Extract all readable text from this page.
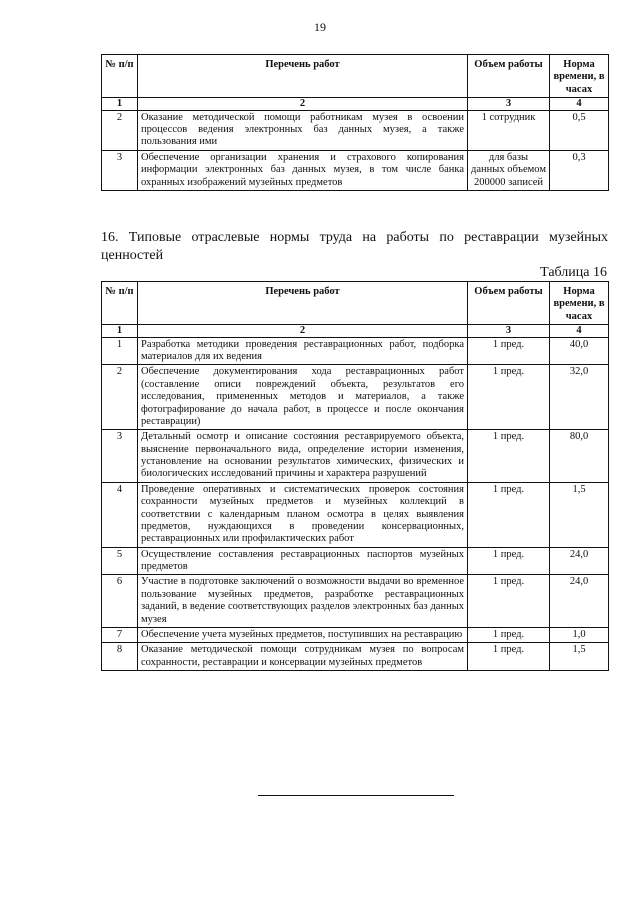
19
№ п/п	Перечень работ	Объем работы	Норма времени, в часах
1	2	3	4
2	Оказание методической помощи работникам музея в освоении процессов ведения электронных баз данных музея, а также пользования ими	1 сотрудник	0,5
3	Обеспечение организации хранения и страхового копирования информации электронных баз данных музея, в том числе банка охранных изображений музейных предметов	для базы данных объемом 200000 записей	0,3
16. Типовые отраслевые нормы труда на работы по реставрации музейных ценностей
Таблица 16
№ п/п	Перечень работ	Объем работы	Норма времени, в часах
1	2	3	4
1	Разработка методики проведения реставрационных работ, подборка материалов для их ведения	1 пред.	40,0
2	Обеспечение документирования хода реставрационных работ (составление описи повреждений объекта, результатов его исследования, примененных методов и материалов, а также фотографирование до начала работ, в процессе и после окончания реставрации)	1 пред.	32,0
3	Детальный осмотр и описание состояния реставрируемого объекта, выяснение первоначального вида, определение истории изменения, установление на основании результатов химических, физических и биологических исследований причины и характера разрушений	1 пред.	80,0
4	Проведение оперативных и систематических проверок состояния сохранности музейных предметов и музейных коллекций в соответствии с календарным планом осмотра в целях выявления предметов, нуждающихся в проведении консервационных, реставрационных или профилактических работ	1 пред.	1,5
5	Осуществление составления реставрационных паспортов музейных предметов	1 пред.	24,0
6	Участие в подготовке заключений о возможности выдачи во временное пользование музейных предметов, разработке реставрационных заданий, в ведение соответствующих разделов электронных баз данных музея	1 пред.	24,0
7	Обеспечение учета музейных предметов, поступивших на реставрацию	1 пред.	1,0
8	Оказание методической помощи сотрудникам музея по вопросам сохранности, реставрации и консервации музейных предметов	1 пред.	1,5
